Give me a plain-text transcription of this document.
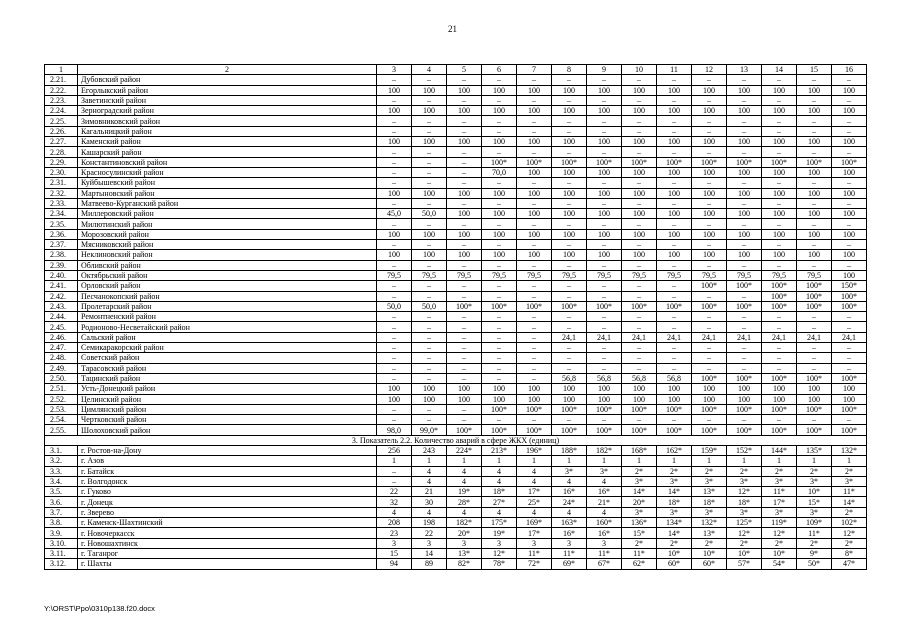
21
1	2	3	4	5	6	7	8	9	10	11	12	13	14	15	16
2.21.	Дубовский район	–	–	–	–	–	–	–	–	–	–	–	–	–	–
2.22.	Егорлыкский район	100	100	100	100	100	100	100	100	100	100	100	100	100	100
2.23.	Заветинский район	–	–	–	–	–	–	–	–	–	–	–	–	–	–
2.24.	Зерноградский район	100	100	100	100	100	100	100	100	100	100	100	100	100	100
2.25.	Зимовниковский район	–	–	–	–	–	–	–	–	–	–	–	–	–	–
2.26.	Кагальницкий район	–	–	–	–	–	–	–	–	–	–	–	–	–	–
2.27.	Каменский район	100	100	100	100	100	100	100	100	100	100	100	100	100	100
2.28.	Кашарский район	–	–	–	–	–	–	–	–	–	–	–	–	–	–
2.29.	Константиновский район	–	–	–	100*	100*	100*	100*	100*	100*	100*	100*	100*	100*	100*
2.30.	Красносулинский район	–	–	–	70,0	100	100	100	100	100	100	100	100	100	100
2.31.	Куйбышевский район	–	–	–	–	–	–	–	–	–	–	–	–	–	–
2.32.	Мартыновский район	100	100	100	100	100	100	100	100	100	100	100	100	100	100
2.33.	Матвеево-Курганский район	–	–	–	–	–	–	–	–	–	–	–	–	–	–
2.34.	Миллеровский район	45,0	50,0	100	100	100	100	100	100	100	100	100	100	100	100
2.35.	Милютинский район	–	–	–	–	–	–	–	–	–	–	–	–	–	–
2.36.	Морозовский район	100	100	100	100	100	100	100	100	100	100	100	100	100	100
2.37.	Мясниковский район	–	–	–	–	–	–	–	–	–	–	–	–	–	–
2.38.	Неклиновский район	100	100	100	100	100	100	100	100	100	100	100	100	100	100
2.39.	Обливский район	–	–	–	–	–	–	–	–	–	–	–	–	–	–
2.40.	Октябрьский район	79,5	79,5	79,5	79,5	79,5	79,5	79,5	79,5	79,5	79,5	79,5	79,5	79,5	100
2.41.	Орловский район	–	–	–	–	–	–	–	–	–	100*	100*	100*	100*	150*
2.42.	Песчанокопский район	–	–	–	–	–	–	–	–	–	–	–	100*	100*	100*
2.43.	Пролетарский район	50,0	50,0	100*	100*	100*	100*	100*	100*	100*	100*	100*	100*	100*	100*
2.44.	Ремонтненский район	–	–	–	–	–	–	–	–	–	–	–	–	–	–
2.45.	Родионово-Несветайский район	–	–	–	–	–	–	–	–	–	–	–	–	–	–
2.46.	Сальский район	–	–	–	–	–	24,1	24,1	24,1	24,1	24,1	24,1	24,1	24,1	24,1
2.47.	Семикаракорский район	–	–	–	–	–	–	–	–	–	–	–	–	–	–
2.48.	Советский район	–	–	–	–	–	–	–	–	–	–	–	–	–	–
2.49.	Тарасовский район	–	–	–	–	–	–	–	–	–	–	–	–	–	–
2.50.	Тацинский район	–	–	–	–	–	56,8	56,8	56,8	56,8	100*	100*	100*	100*	100*
2.51.	Усть-Донецкий район	100	100	100	100	100	100	100	100	100	100	100	100	100	100
2.52.	Целинский район	100	100	100	100	100	100	100	100	100	100	100	100	100	100
2.53.	Цимлянский район	–	–	–	100*	100*	100*	100*	100*	100*	100*	100*	100*	100*	100*
2.54.	Чертковский район	–	–	–	–	–	–	–	–	–	–	–	–	–	–
2.55.	Шолоховский район	98,0	99,0*	100*	100*	100*	100*	100*	100*	100*	100*	100*	100*	100*	100*
3. Показатель 2.2. Количество аварий в сфере ЖКХ (единиц)															
3.1.	г. Ростов-на-Дону	256	243	224*	213*	196*	188*	182*	168*	162*	159*	152*	144*	135*	132*
3.2.	г. Азов	1	1	1	1	1	1	1	1	1	1	1	1	1	1
3.3.	г. Батайск	–	4	4	4	4	3*	3*	2*	2*	2*	2*	2*	2*	2*
3.4.	г. Волгодонск	–	4	4	4	4	4	4	3*	3*	3*	3*	3*	3*	3*
3.5.	г. Гуково	22	21	19*	18*	17*	16*	16*	14*	14*	13*	12*	11*	10*	11*
3.6.	г. Донецк	32	30	28*	27*	25*	24*	21*	20*	18*	18*	18*	17*	15*	14*
3.7.	г. Зверево	4	4	4	4	4	4	4	3*	3*	3*	3*	3*	3*	2*
3.8.	г. Каменск-Шахтинский	208	198	182*	175*	169*	163*	160*	136*	134*	132*	125*	119*	109*	102*
3.9.	г. Новочеркасск	23	22	20*	19*	17*	16*	16*	15*	14*	13*	12*	12*	11*	12*
3.10.	г. Новошахтинск	3	3	3	3	3	3	3	2*	2*	2*	2*	2*	2*	2*
3.11.	г. Таганрог	15	14	13*	12*	11*	11*	11*	11*	10*	10*	10*	10*	9*	8*
3.12.	г. Шахты	94	89	82*	78*	72*	69*	67*	62*	60*	60*	57*	54*	50*	47*
Y:\ORST\Ppo\0310p138.f20.docx
